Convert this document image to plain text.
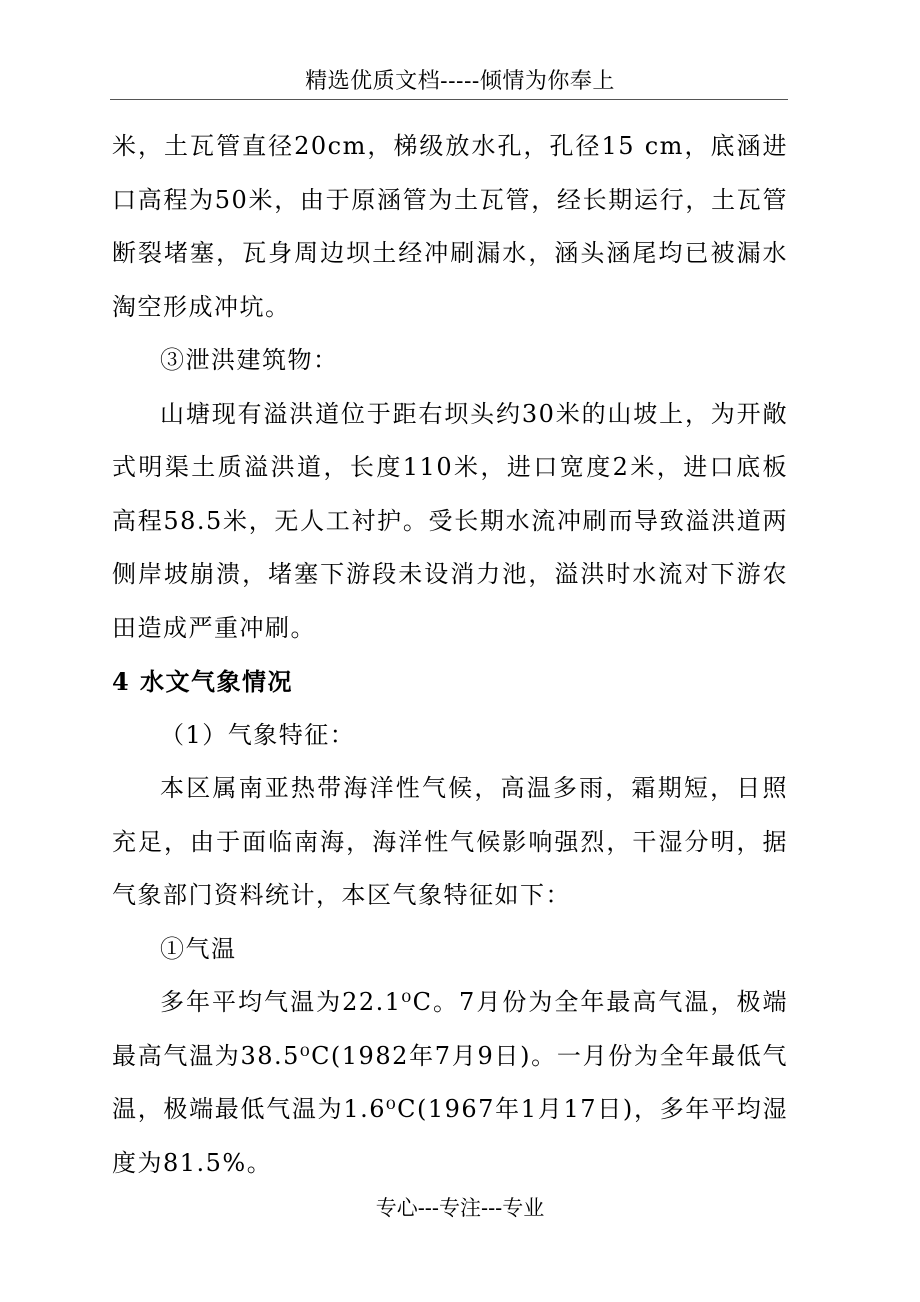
精选优质文档-----倾情为你奉上

米，土瓦管直径20cm，梯级放水孔，孔径15 cm，底涵进口高程为50米，由于原涵管为土瓦管，经长期运行，土瓦管断裂堵塞，瓦身周边坝土经冲刷漏水，涵头涵尾均已被漏水淘空形成冲坑。

③泄洪建筑物：

山塘现有溢洪道位于距右坝头约30米的山坡上，为开敞式明渠土质溢洪道，长度110米，进口宽度2米，进口底板高程58.5米，无人工衬护。受长期水流冲刷而导致溢洪道两侧岸坡崩溃，堵塞下游段未设消力池，溢洪时水流对下游农田造成严重冲刷。

4 水文气象情况

（1）气象特征：

本区属南亚热带海洋性气候，高温多雨，霜期短，日照充足，由于面临南海，海洋性气候影响强烈，干湿分明，据气象部门资料统计，本区气象特征如下：

①气温

多年平均气温为22.1⁰C。7月份为全年最高气温，极端最高气温为38.5⁰C(1982年7月9日)。一月份为全年最低气温，极端最低气温为1.6⁰C(1967年1月17日)，多年平均湿度为81.5%。

专心---专注---专业
